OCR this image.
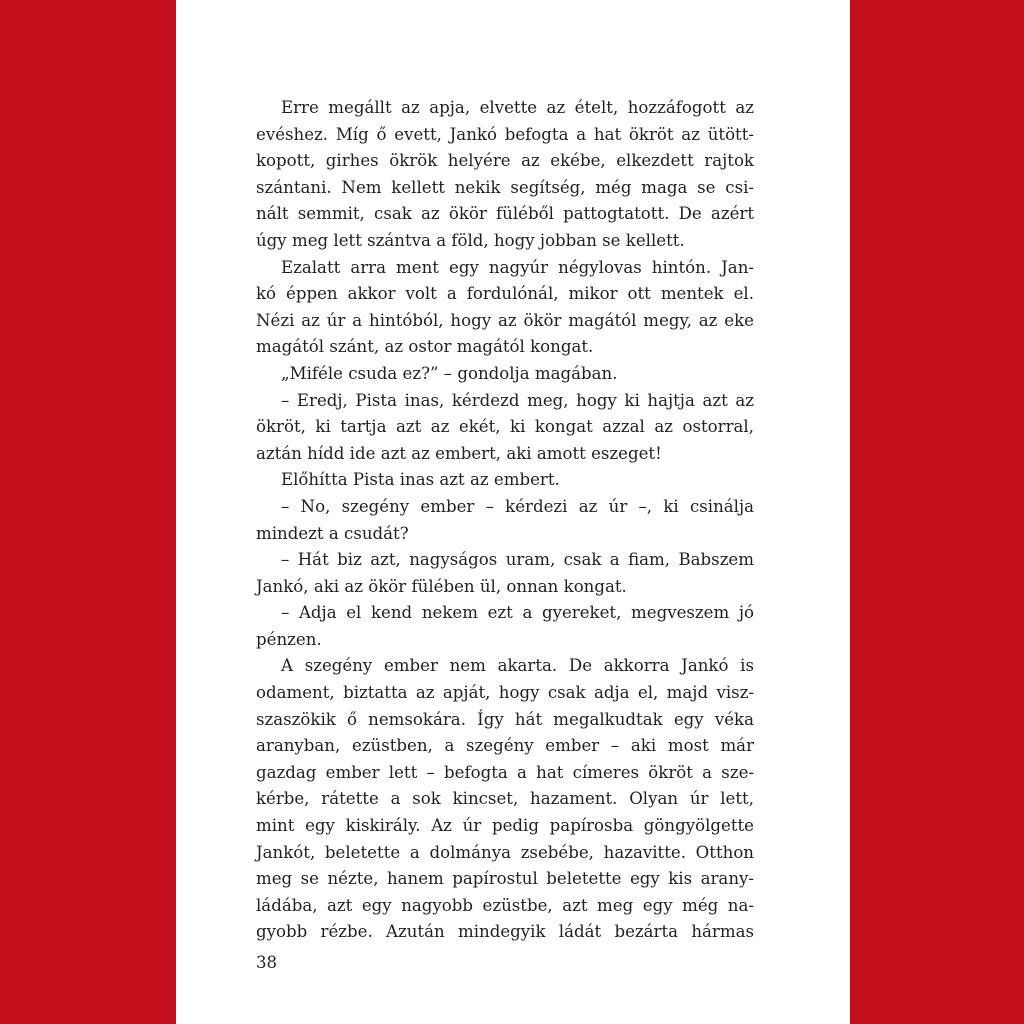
Erre megállt az apja, elvette az ételt, hozzáfogott az
evéshez. Míg ő evett, Jankó befogta a hat ökröt az ütött-
kopott, girhes ökrök helyére az ekébe, elkezdett rajtok
szántani. Nem kellett nekik segítség, még maga se csi-
nált semmit, csak az ökör füléből pattogtatott. De azért
úgy meg lett szántva a föld, hogy jobban se kellett.
Ezalatt arra ment egy nagyúr négylovas hintón. Jan-
kó éppen akkor volt a fordulónál, mikor ott mentek el.
Nézi az úr a hintóból, hogy az ökör magától megy, az eke
magától szánt, az ostor magától kongat.
„Miféle csuda ez?” – gondolja magában.
– Eredj, Pista inas, kérdezd meg, hogy ki hajtja azt az
ökröt, ki tartja azt az ekét, ki kongat azzal az ostorral,
aztán hídd ide azt az embert, aki amott eszeget!
Előhítta Pista inas azt az embert.
– No, szegény ember – kérdezi az úr –, ki csinálja
mindezt a csudát?
– Hát biz azt, nagyságos uram, csak a fiam, Babszem
Jankó, aki az ökör fülében ül, onnan kongat.
– Adja el kend nekem ezt a gyereket, megveszem jó
pénzen.
A szegény ember nem akarta. De akkorra Jankó is
odament, biztatta az apját, hogy csak adja el, majd visz-
szaszökik ő nemsokára. Így hát megalkudtak egy véka
aranyban, ezüstben, a szegény ember – aki most már
gazdag ember lett – befogta a hat címeres ökröt a sze-
kérbe, rátette a sok kincset, hazament. Olyan úr lett,
mint egy kiskirály. Az úr pedig papírosba göngyölgette
Jankót, beletette a dolmánya zsebébe, hazavitte. Otthon
meg se nézte, hanem papírostul beletette egy kis arany-
ládába, azt egy nagyobb ezüstbe, azt meg egy még na-
gyobb rézbe. Azután mindegyik ládát bezárta hármas
38
